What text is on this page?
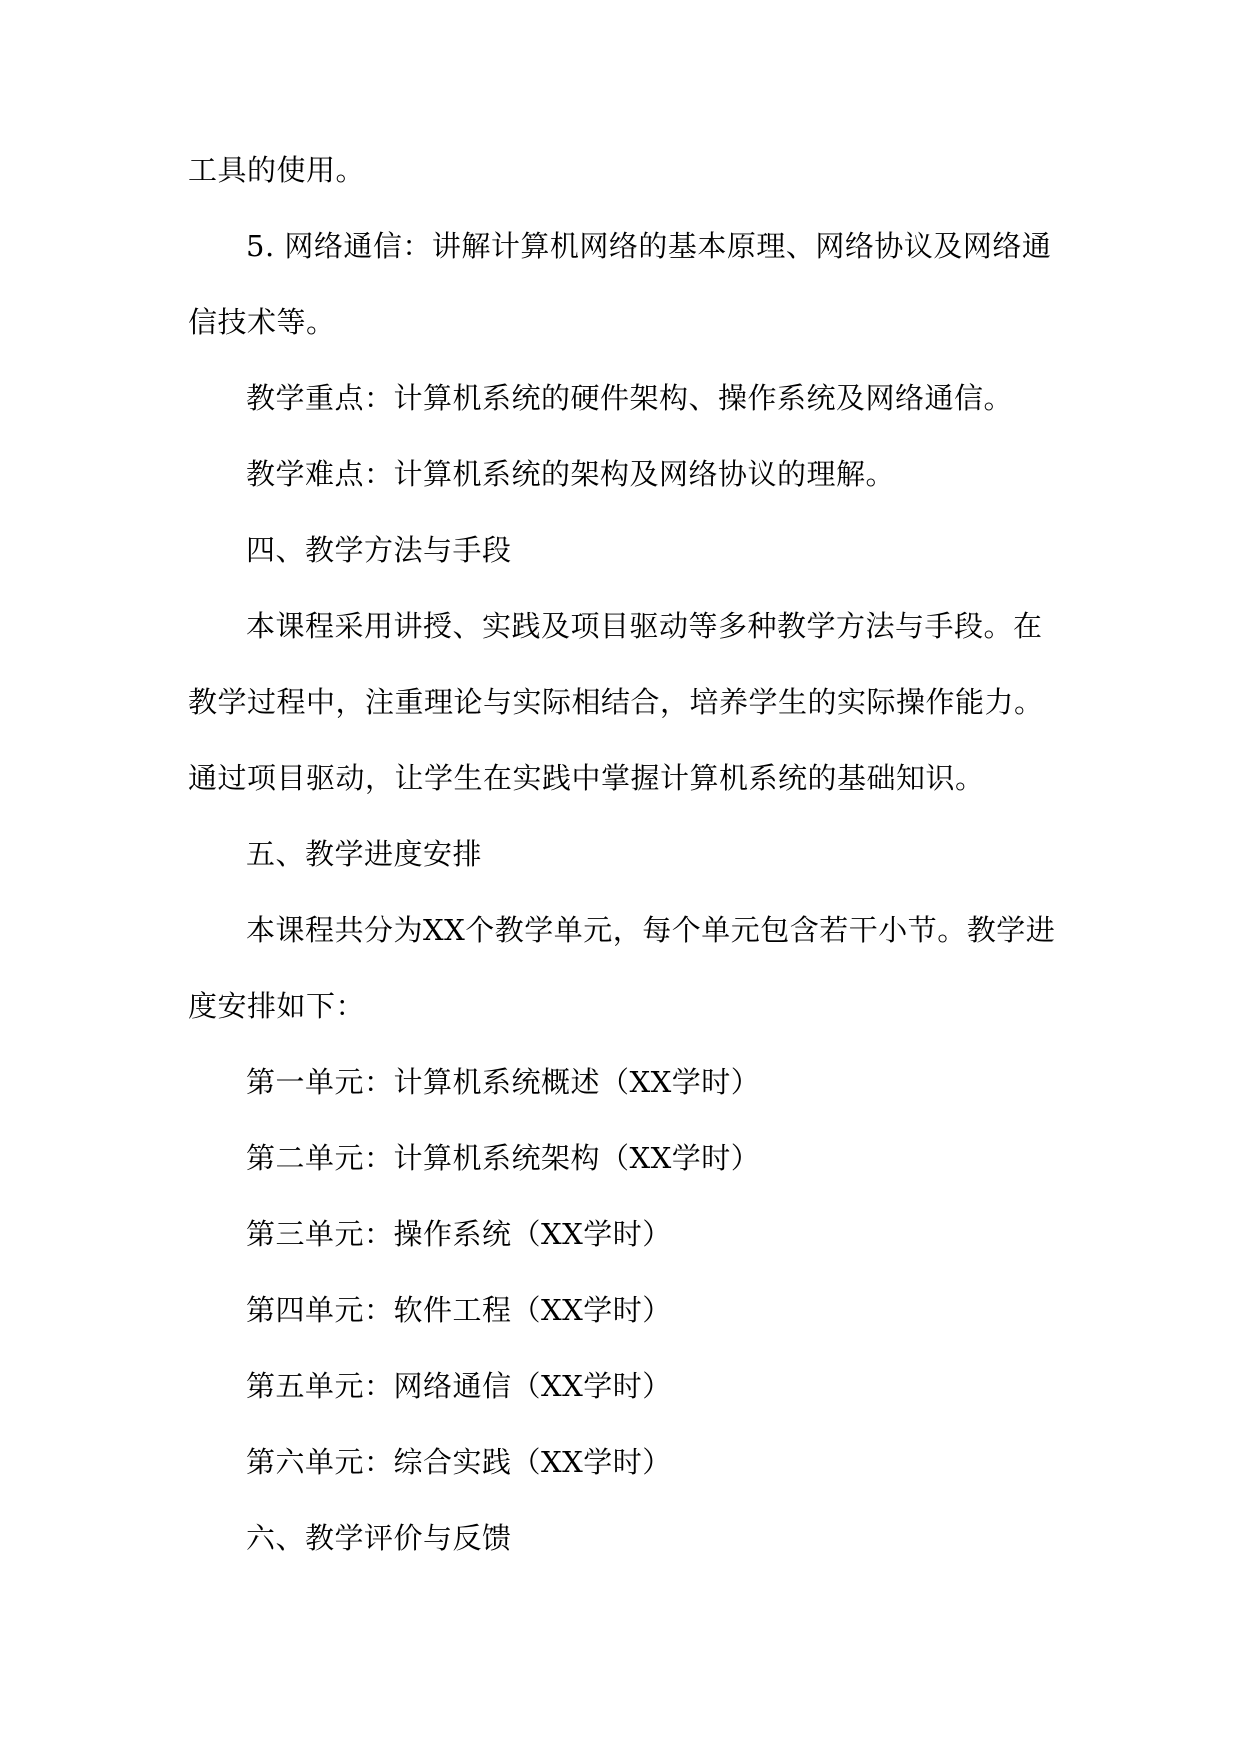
工具的使用。

5. 网络通信：讲解计算机网络的基本原理、网络协议及网络通信技术等。

教学重点：计算机系统的硬件架构、操作系统及网络通信。

教学难点：计算机系统的架构及网络协议的理解。

四、教学方法与手段

本课程采用讲授、实践及项目驱动等多种教学方法与手段。在教学过程中，注重理论与实际相结合，培养学生的实际操作能力。通过项目驱动，让学生在实践中掌握计算机系统的基础知识。

五、教学进度安排

本课程共分为XX个教学单元，每个单元包含若干小节。教学进度安排如下：

第一单元：计算机系统概述（XX学时）

第二单元：计算机系统架构（XX学时）

第三单元：操作系统（XX学时）

第四单元：软件工程（XX学时）

第五单元：网络通信（XX学时）

第六单元：综合实践（XX学时）

六、教学评价与反馈
